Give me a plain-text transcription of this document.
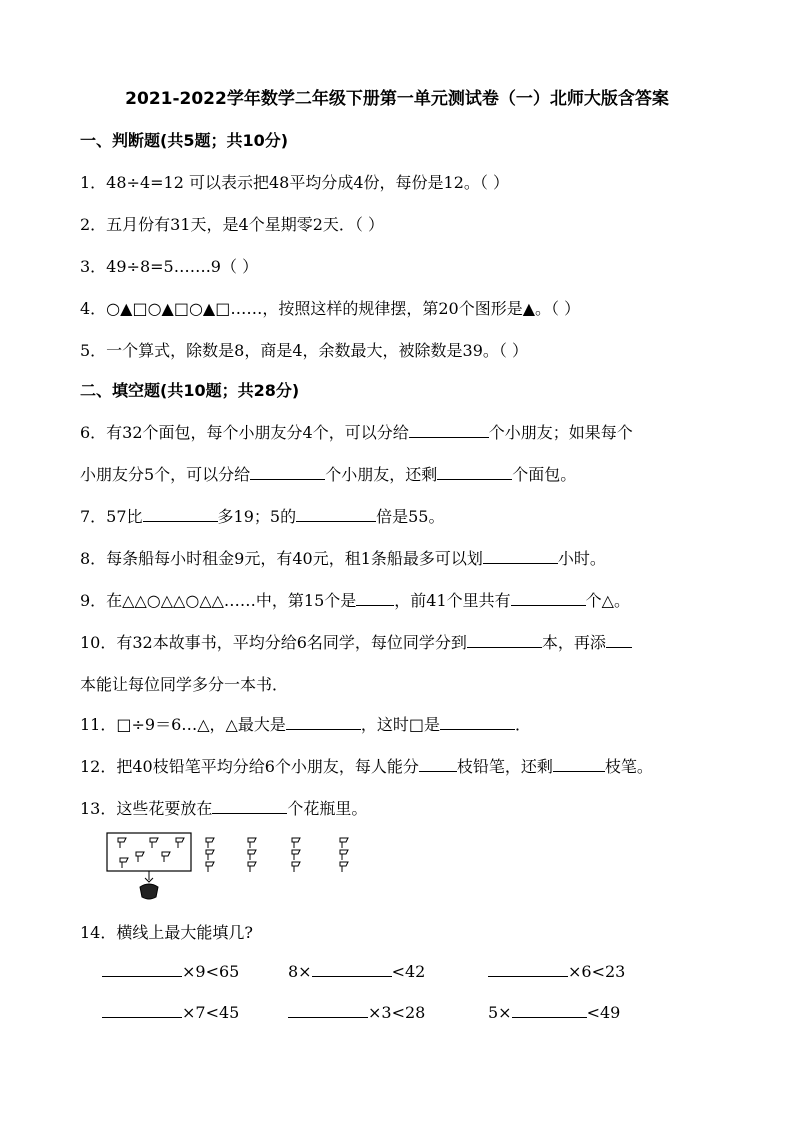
2021-2022学年数学二年级下册第一单元测试卷（一）北师大版含答案
一、判断题(共5题；共10分)
1．48÷4=12 可以表示把48平均分成4份，每份是12。（ ）
2．五月份有31天，是4个星期零2天．（ ）
3．49÷8=5…….9（ ）
4．○▲□○▲□○▲□……，按照这样的规律摆，第20个图形是▲。（ ）
5．一个算式，除数是8，商是4，余数最大，被除数是39。（ ）
二、填空题(共10题；共28分)
6．有32个面包，每个小朋友分4个，可以分给	个小朋友；如果每个
小朋友分5个，可以分给	个小朋友，还剩	个面包。
7．57比	多19；5的	倍是55。
8．每条船每小时租金9元，有40元，租1条船最多可以划	小时。
9．在△△○△△○△△……中，第15个是 ，前41个里共有	个△。
10．有32本故事书，平均分给6名同学，每位同学分到	本，再添
本能让每位同学多分一本书．
11．□÷9＝6…△，△最大是	，这时□是	．
12．把40枝铅笔平均分给6个小朋友，每人能分 枝铅笔，还剩	枝笔。
13．这些花要放在	个花瓶里。
14．横线上最大能填几?
×9<65	8×	<42	×6<23
×7<45	×3<28	5×	<49
